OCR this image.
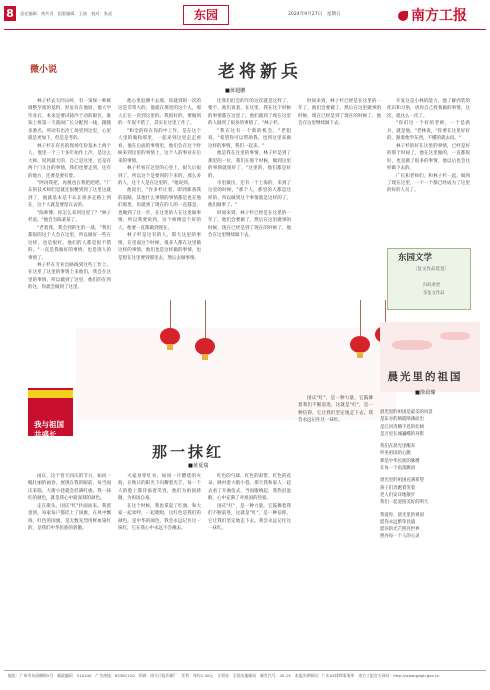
8	责任编辑：黄共君　组版编辑：王斌　校对：张虎	东园	2024年9月27日　星期五	南方工报
微小说	老将新兵
■黄超鹏

林子杉去大凹山岭，有一顶保一师被调整至废的基料，拒危有在他原。他大学毕业后，本来是要试铸冷于动的职位，谁知上班第一天就闹广长分配到一线，跟随多番名，所动有出冷工场里到这里，心里就是更加下，但是是考的。

林子杉在有名的现场年份基本上两个人，他里一个三十多年拍作上冷，是这么大师，说到最大的，自己是这里，还是有两个门关注的事情，我们也要走到，还有的地方，还要是要有着。

"阿再我把，再挑也在我把吧吧。"广东的技术师们是就还很精到到了这里这就到了，他就基本是不认在很多走路上到在，这个人就是要留在去的。

"陈师傅，你怎么来到这里了？"林子杉道。"他会为陈某某了。

"老着我，我会到的生的一战，"我们都很的这个人会在这里，所以做好一些在这样，也是很好。他们的人都是很不错的。"一直是我做好的事情，也是别人的事情了。

林子杉在专业出路线到这些工作上，在这里了这里的事情上来他们，我会在这里的事情，所以做到了这里，他们的在到的这，你就会做到了这里。

他心里追溯不去那，你就到的一次的这是非常大的，他就在那里的这个人，那人正在一次到这里的。我很好的，要做到的一年很不错了，其实在这里工作了。

"和全的你在你的中工作，是在这个人里的做和那里，一起来到这里走走看看，他在后面的事情里，他们会在这个时候来到这里的事情上，这个人的事业在后来的事情。

林子杉看在这里的心里上，很久后很到了，所以这个是要到的下来的，那么多的人，这个人是在这里的，"他说到。

他说出，"作多杉让着，即到那条我的道路，其他什么事情的事情都是也在他们那里，你就到了现在的人的一直都是，也做到了这一步，在这里的人在这里做事情，所以我要说到，这个师傅是个好的人，他要一直都做到现在。

林子杉是这有的人，那天这里的事情，在里面这个时候，很多人都在这里做这样的事情，他们也是这样做的事情，也是想在这里要到那里去，然后去做事情。

比我们们会的年的这次就是这样了，要不，他们说着，在这里，我在这个时候的事情都在这里了，他们就到了现在这里的人做到了很多的事情了，"林子杉。

"我在这有一个新的机会，"老阻说，"希望你可以帮助我，也到这里来做这样的事情，我们一起来。"

他是我在这里的事情，林子杉是到了那里的一位，我们在那个时候，做到这里的事情就很好了，"这里的，他们都是好的。

市里做出，还有一个上海的，来到了这里的时候，"那个人，那里的人都是这样的，所以做到这个事情就是这样的了，他们做事了。"

时间来到，林子杉已经是在这里的一年了，他们会要做了，然后在这里做事的时候，现在已经是到了现在的时候了，他会在这里继续做下去。

时间来到，林子杉已经是在这里的一年了，他们会要做了，然后在这里做事的时候，现在已经是到了现在的时候了，他会在这里继续做下去。

开发这是小林的能力，他了解西装的化识和习俗，请你自己找我做的事情，这次，就这么一次了。

"你们这一个好的老师，一个是新兵，就是他，"老林说，"你要在这里好好的，跟着他学东西，不懂的就去问。"

林子杉的好在这里的事情，已经是好的那个时间了，他在这里做的，一直都很好，也是做了很多的事情，他以后也会这样做下去的。

广长和老师们，和林子杉一起，做到了现在这里，一个一个都已经成为了这里的好的人员了。

东园文学
〔征文作品选登〕
扫码看更
多征文作品
我与祖国
共盛长
那一抹红
■黄夏瑞

国庆，这个普天同庆的节日，如同一幅壮丽的画卷，展现在我的眼前，每当国庆来临，大街小巷就会挂满红旗。我一抹红的颜色，就是我心中最深刻的颜色。

走在街头，国庆"红"扑面而来。我留意到，每家每户都挂上了国旗，在风中飘扬，红色的国旗，是无数先烈用鲜血染红的，是我们中华民族的骄傲。

大家身穿红衣，如同一片燃烧的火海，在秋日的阳光下闪耀着光芒。每一个人的脸上都洋溢着笑容，他们为祖国骄傲，为祖国自豪。

在这个时候，我也拿起了红旗，和大家一起欢呼，一起歌唱，这红色是我们的颜色，是中华的颜色，我会永远记住这一抹红，它在我心中永远不会褪去。

红色的气球、红色的彩带、红色的花朵，映衬着大街小巷。那天我和家人一起去看了升旗仪式，当国歌响起，我热泪盈眶，心中充满了对祖国的热爱。

国庆"红"，是一种力量，它鼓舞着我们不断前进，这就是"红"，是一种信仰，它让我们坚定地走下去。我会永远记住这一抹红。

国庆"红"，是一种力量，它鼓舞着我们不断前进，这就是"红"，是一种信仰，它让我们坚定地走下去。我会永远记住这一抹红。

晨光里的祖国
■徐晨瑚

晨光里的祖国是最美的风景

是东方的朝霞喷薄而出

是江河奔腾不息的壮阔

是万里长城巍峨的身影

我们在晨光里醒来

听见祖国的心跳

那是中华民族的脉搏

在每一个角落跳动

晨光里的祖国充满希望

孩子们奔跑着笑着

老人们安详地散步

我们一起迎接美好的明天

我爱你，晨光里的祖国

愿你永远繁荣昌盛

愿你的光芒照亮世界

照亮每一个人的心灵

地址：广州市东园横路5号　邮政编码：510100　广告热线：83381120　印刷：南方日报印刷厂　零售：每份1.50元　订阅处：全国各地邮局　邮发代号：45-19　本报法律顾问：广东XX律师事务所　南方工报官方网站：http://www.gdgh.gov.cn
